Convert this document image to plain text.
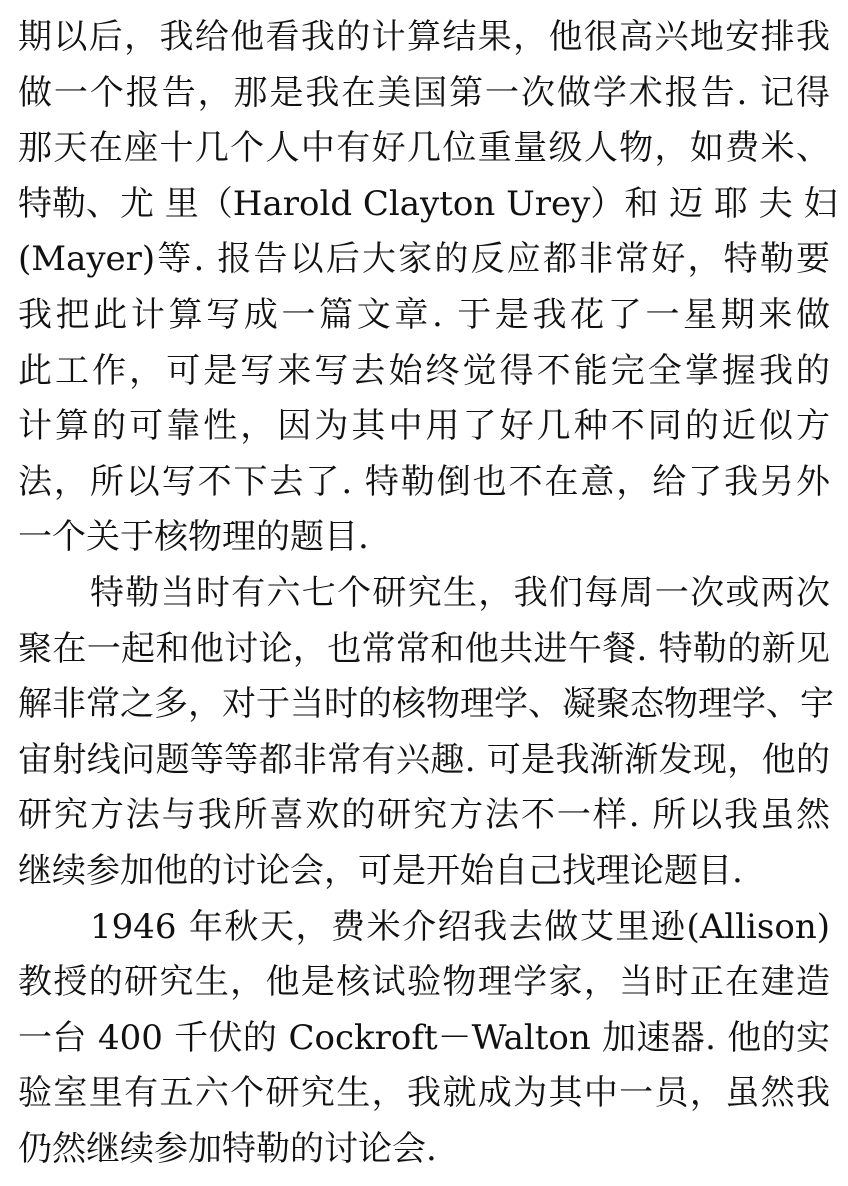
期以后，我给他看我的计算结果，他很高兴地安排我
做一个报告，那是我在美国第一次做学术报告. 记得
那天在座十几个人中有好几位重量级人物，如费米、
特勒、尤 里（Harold Clayton Urey）和 迈 耶 夫 妇
(Mayer)等. 报告以后大家的反应都非常好，特勒要
我把此计算写成一篇文章. 于是我花了一星期来做
此工作，可是写来写去始终觉得不能完全掌握我的
计算的可靠性，因为其中用了好几种不同的近似方
法，所以写不下去了. 特勒倒也不在意，给了我另外
一个关于核物理的题目.
特勒当时有六七个研究生，我们每周一次或两次
聚在一起和他讨论，也常常和他共进午餐. 特勒的新见
解非常之多，对于当时的核物理学、凝聚态物理学、宇
宙射线问题等等都非常有兴趣. 可是我渐渐发现，他的
研究方法与我所喜欢的研究方法不一样. 所以我虽然
继续参加他的讨论会，可是开始自己找理论题目.
1946 年秋天，费米介绍我去做艾里逊(Allison)
教授的研究生，他是核试验物理学家，当时正在建造
一台 400 千伏的 Cockroft－Walton 加速器. 他的实
验室里有五六个研究生，我就成为其中一员，虽然我
仍然继续参加特勒的讨论会.
